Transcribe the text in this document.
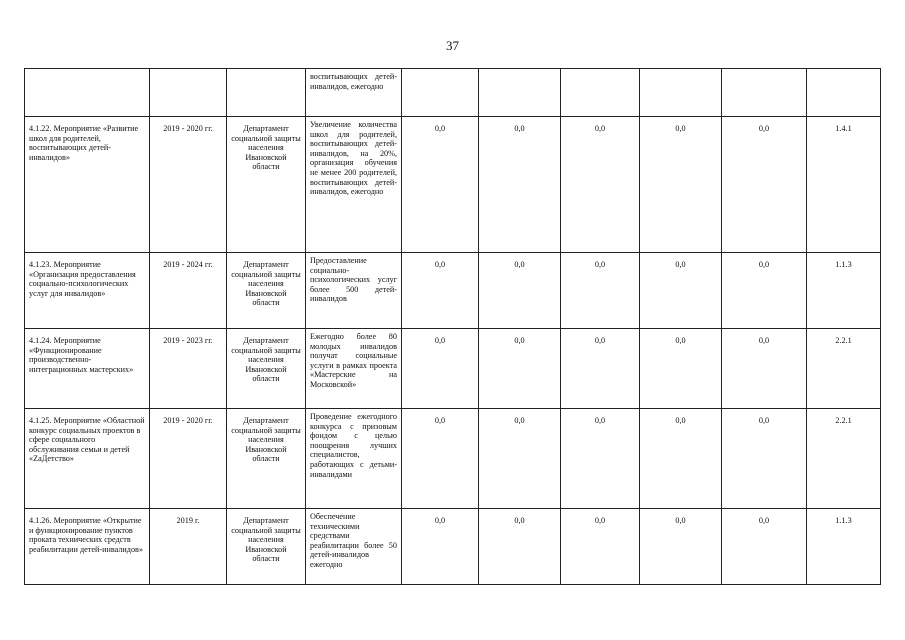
37
			воспитывающих детей-инвалидов, ежегодно						
4.1.22. Мероприятие «Развитие школ для родителей, воспитывающих детей-инвалидов»	2019 - 2020 гг.	Департамент социальной защиты населения Ивановской области	Увеличение количества школ для родителей, воспитывающих детей-инвалидов, на 20%, организация обучения не менее 200 родителей, воспитывающих детей-инвалидов, ежегодно	0,0	0,0	0,0	0,0	0,0	1.4.1
4.1.23. Мероприятие «Организация предоставления социально-психологических услуг для инвалидов»	2019 - 2024 гг.	Департамент социальной защиты населения Ивановской области	Предоставление социально-психологических услуг более 500 детей-инвалидов	0,0	0,0	0,0	0,0	0,0	1.1.3
4.1.24. Мероприятие «Функционирование производственно-интеграционных мастерских»	2019 - 2023 гг.	Департамент социальной защиты населения Ивановской области	Ежегодно более 80 молодых инвалидов получат социальные услуги в рамках проекта «Мастерские на Московской»	0,0	0,0	0,0	0,0	0,0	2.2.1
4.1.25. Мероприятие «Областной конкурс социальных проектов в сфере социального обслуживания семьи и детей «ZаДетство»	2019 - 2020 гг.	Департамент социальной защиты населения Ивановской области	Проведение ежегодного конкурса с призовым фондом с целью поощрения лучших специалистов, работающих с детьми-инвалидами	0,0	0,0	0,0	0,0	0,0	2.2.1
4.1.26. Мероприятие «Открытие и функционирование пунктов проката технических средств реабилитации детей-инвалидов»	2019 г.	Департамент социальной защиты населения Ивановской области	Обеспечение техническими средствами реабилитации более 50 детей-инвалидов ежегодно	0,0	0,0	0,0	0,0	0,0	1.1.3
